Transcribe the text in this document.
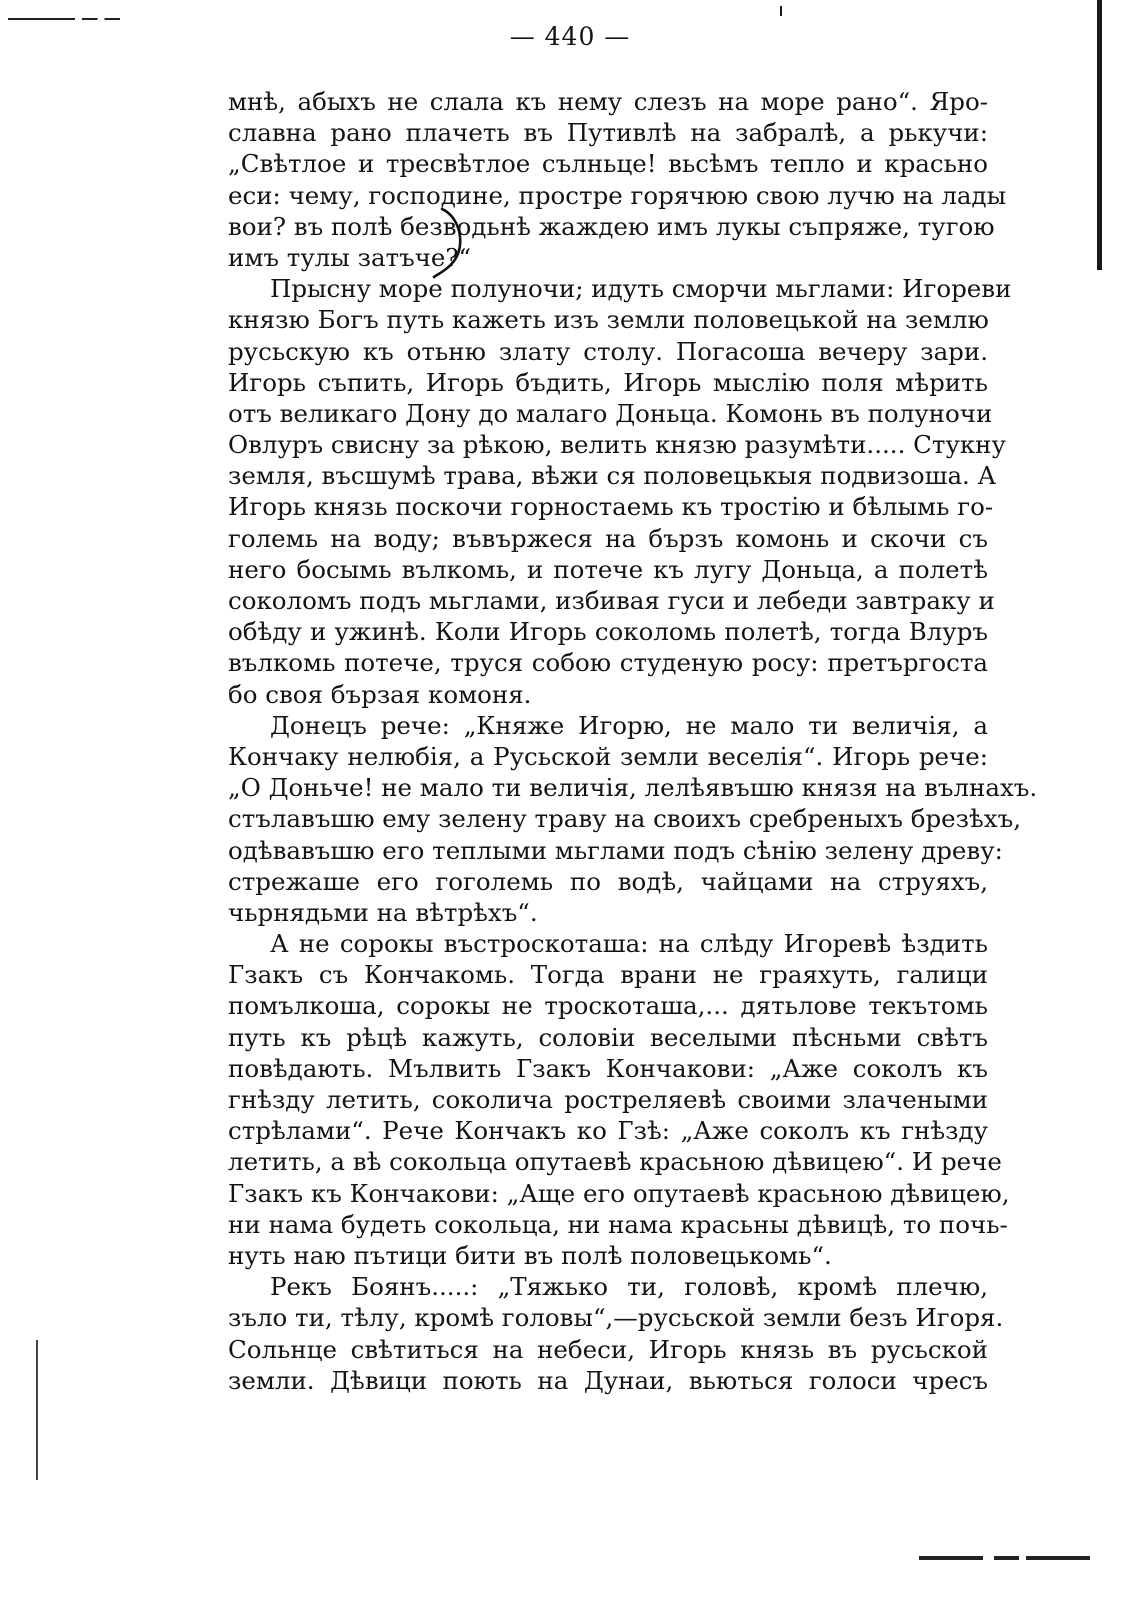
— 440 —
мнѣ, абыхъ не слала къ нему слезъ на море рано“. Яро-
славна рано плачеть въ Путивлѣ на забралѣ, а рькучи:
„Свѣтлое и тресвѣтлое сълньце! вьсѣмъ тепло и красьно
еси: чему, господине, простре горячюю свою лучю на лады
вои? въ полѣ безводьнѣ жаждею имъ лукы съпряже, тугою
имъ тулы затъче?“
Прысну море полуночи; идуть сморчи мьглами: Игореви
князю Богъ путь кажеть изъ земли половецькой на землю
русьскую къ отьню злату столу. Погасоша вечеру зари.
Игорь съпить, Игорь бъдить, Игорь мыслію поля мѣрить
отъ великаго Дону до малаго Доньца. Комонь въ полуночи
Овлуръ свисну за рѣкою, велить князю разумѣти..... Стукну
земля, въсшумѣ трава, вѣжи ся половецькыя подвизоша. А
Игорь князь поскочи горностаемь къ тростію и бѣлымь го-
големь на воду; въвържеся на бързъ комонь и скочи съ
него босымь вълкомь, и потече къ лугу Доньца, а полетѣ
соколомъ подъ мьглами, избивая гуси и лебеди завтраку и
обѣду и ужинѣ. Коли Игорь соколомь полетѣ, тогда Влуръ
вълкомь потече, труся собою студеную росу: претъргоста
бо своя бързая комоня.
Донецъ рече: „Княже Игорю, не мало ти величія, а
Кончаку нелюбія, а Русьской земли веселія“. Игорь рече:
„О Доньче! не мало ти величія, лелѣявъшю князя на вълнахъ.
стълавъшю ему зелену траву на своихъ сребреныхъ брезѣхъ,
одѣвавъшю его теплыми мьглами подъ сѣнію зелену древу:
стрежаше его гоголемь по водѣ, чайцами на струяхъ,
чьрнядьми на вѣтрѣхъ“.
А не сорокы въстроскоташа: на слѣду Игоревѣ ѣздить
Гзакъ съ Кончакомь. Тогда врани не граяхуть, галици
помълкоша, сорокы не троскоташа,... дятьлове текътомь
путь къ рѣцѣ кажуть, соловіи веселыми пѣсньми свѣтъ
повѣдають. Мълвить Гзакъ Кончакови: „Аже соколъ къ
гнѣзду летить, соколича ростреляевѣ своими злачеными
стрѣлами“. Рече Кончакъ ко Гзѣ: „Аже соколъ къ гнѣзду
летить, а вѣ сокольца опутаевѣ красьною дѣвицею“. И рече
Гзакъ къ Кончакови: „Аще его опутаевѣ красьною дѣвицею,
ни нама будеть сокольца, ни нама красьны дѣвицѣ, то почь-
нуть наю пътици бити въ полѣ половецькомь“.
Рекъ Боянъ.....: „Тяжько ти, головѣ, кромѣ плечю,
зъло ти, тѣлу, кромѣ головы“,—русьской земли безъ Игоря.
Сольнце свѣтиться на небеси, Игорь князь въ русьской
земли. Дѣвици поють на Дунаи, вьються голоси чресъ
